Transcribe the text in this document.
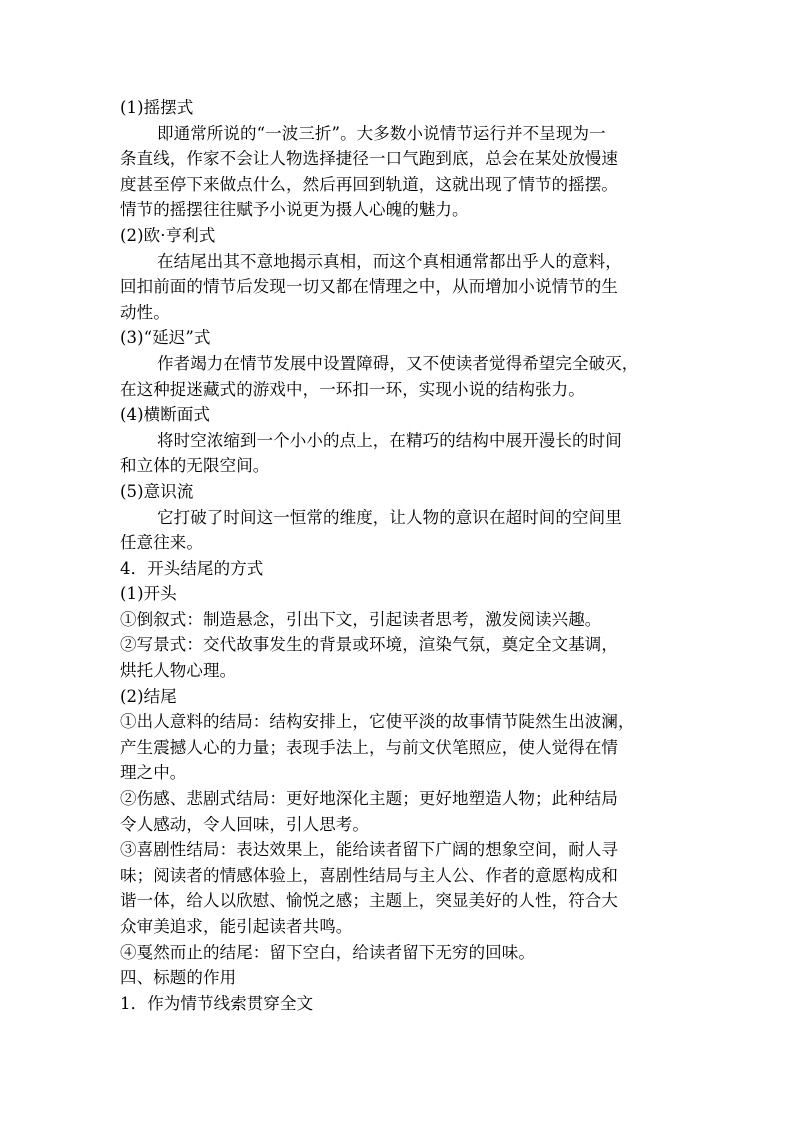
(1)摇摆式
即通常所说的“一波三折”。大多数小说情节运行并不呈现为一
条直线，作家不会让人物选择捷径一口气跑到底，总会在某处放慢速
度甚至停下来做点什么，然后再回到轨道，这就出现了情节的摇摆。
情节的摇摆往往赋予小说更为摄人心魄的魅力。
(2)欧·亨利式
在结尾出其不意地揭示真相，而这个真相通常都出乎人的意料，
回扣前面的情节后发现一切又都在情理之中，从而增加小说情节的生
动性。
(3)“延迟”式
作者竭力在情节发展中设置障碍，又不使读者觉得希望完全破灭，
在这种捉迷藏式的游戏中，一环扣一环，实现小说的结构张力。
(4)横断面式
将时空浓缩到一个小小的点上，在精巧的结构中展开漫长的时间
和立体的无限空间。
(5)意识流
它打破了时间这一恒常的维度，让人物的意识在超时间的空间里
任意往来。
4．开头结尾的方式
(1)开头
①倒叙式：制造悬念，引出下文，引起读者思考，激发阅读兴趣。
②写景式：交代故事发生的背景或环境，渲染气氛，奠定全文基调，
烘托人物心理。
(2)结尾
①出人意料的结局：结构安排上，它使平淡的故事情节陡然生出波澜，
产生震撼人心的力量；表现手法上，与前文伏笔照应，使人觉得在情
理之中。
②伤感、悲剧式结局：更好地深化主题；更好地塑造人物；此种结局
令人感动，令人回味，引人思考。
③喜剧性结局：表达效果上，能给读者留下广阔的想象空间，耐人寻
味；阅读者的情感体验上，喜剧性结局与主人公、作者的意愿构成和
谐一体，给人以欣慰、愉悦之感；主题上，突显美好的人性，符合大
众审美追求，能引起读者共鸣。
④戛然而止的结尾：留下空白，给读者留下无穷的回味。
四、标题的作用
1．作为情节线索贯穿全文
